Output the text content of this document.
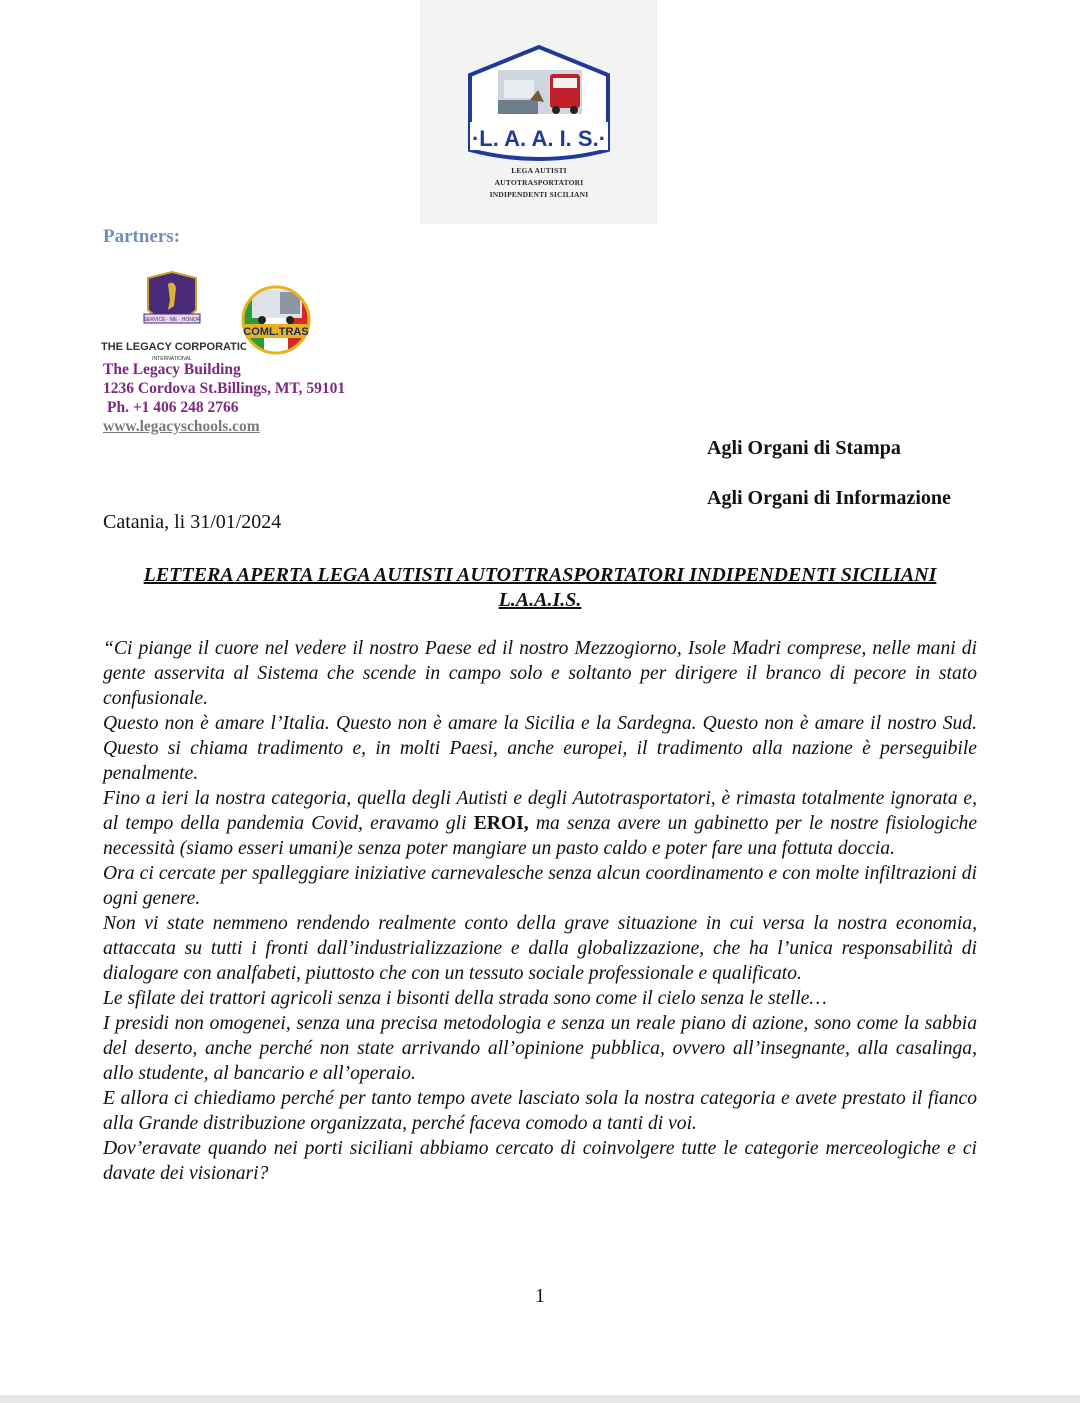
·L. A. A. I. S.·
LEGA AUTISTI
AUTOTRASPORTATORI
INDIPENDENTI SICILIANI
Partners:
SERVICE · ME · HONOR
THE LEGACY CORPORATION
INTERNATIONAL
COML.TRAS
The Legacy Building
1236 Cordova St.Billings, MT, 59101
Ph. +1 406 248 2766
www.legacyschools.com
Agli Organi di Stampa
Agli Organi di Informazione
Catania, li 31/01/2024
LETTERA APERTA LEGA AUTISTI AUTOTTRASPORTATORI INDIPENDENTI SICILIANI
L.A.A.I.S.

“Ci piange il cuore nel vedere il nostro Paese ed il nostro Mezzogiorno, Isole Madri comprese, nelle mani di gente asservita al Sistema che scende in campo solo e soltanto per dirigere il branco di pecore in stato confusionale.

Questo non è amare l’Italia. Questo non è amare la Sicilia e la Sardegna. Questo non è amare il nostro Sud. Questo si chiama tradimento e, in molti Paesi, anche europei, il tradimento alla nazione è perseguibile penalmente.

Fino a ieri la nostra categoria, quella degli Autisti e degli Autotrasportatori, è rimasta totalmente ignorata e, al tempo della pandemia Covid, eravamo gli EROI, ma senza avere un gabinetto per le nostre fisiologiche necessità (siamo esseri umani)e senza poter mangiare un pasto caldo e poter fare una fottuta doccia.

Ora ci cercate per spalleggiare iniziative carnevalesche senza alcun coordinamento e con molte infiltrazioni di ogni genere.

Non vi state nemmeno rendendo realmente conto della grave situazione in cui versa la nostra economia, attaccata su tutti i fronti dall’industrializzazione e dalla globalizzazione, che ha l’unica responsabilità di dialogare con analfabeti, piuttosto che con un tessuto sociale professionale e qualificato.

Le sfilate dei trattori agricoli senza i bisonti della strada sono come il cielo senza le stelle…

I presidi non omogenei, senza una precisa metodologia e senza un reale piano di azione, sono come la sabbia del deserto, anche perché non state arrivando all’opinione pubblica, ovvero all’insegnante, alla casalinga, allo studente, al bancario e all’operaio.

E allora ci chiediamo perché per tanto tempo avete lasciato sola la nostra categoria e avete prestato il fianco alla Grande distribuzione organizzata, perché faceva comodo a tanti di voi.

Dov’eravate quando nei porti siciliani abbiamo cercato di coinvolgere tutte le categorie merceologiche e ci davate dei visionari?

1
